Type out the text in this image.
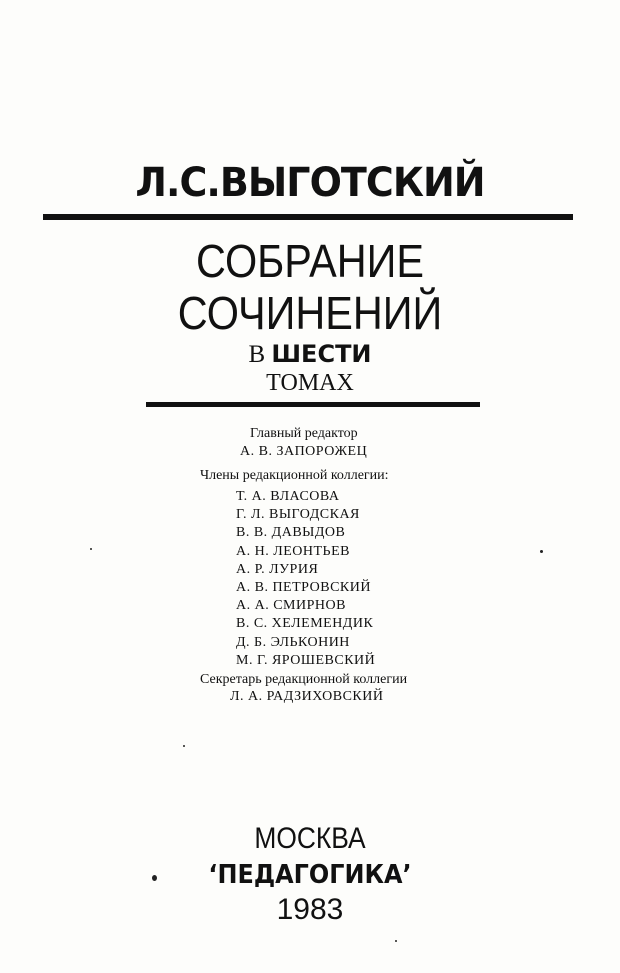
Л.С.ВЫГОТСКИЙ
СОБРАНИЕ
СОЧИНЕНИЙ
В ШЕСТИ
ТОМАХ
Главный редактор
А. В. ЗАПОРОЖЕЦ
Члены редакционной коллегии:
Т. А. ВЛАСОВА
Г. Л. ВЫГОДСКАЯ
В. В. ДАВЫДОВ
А. Н. ЛЕОНТЬЕВ
А. Р. ЛУРИЯ
А. В. ПЕТРОВСКИЙ
А. А. СМИРНОВ
В. С. ХЕЛЕМЕНДИК
Д. Б. ЭЛЬКОНИН
М. Г. ЯРОШЕВСКИЙ
Секретарь редакционной коллегии
Л. А. РАДЗИХОВСКИЙ
МОСКВА
‘ПЕДАГОГИКА’
1983
